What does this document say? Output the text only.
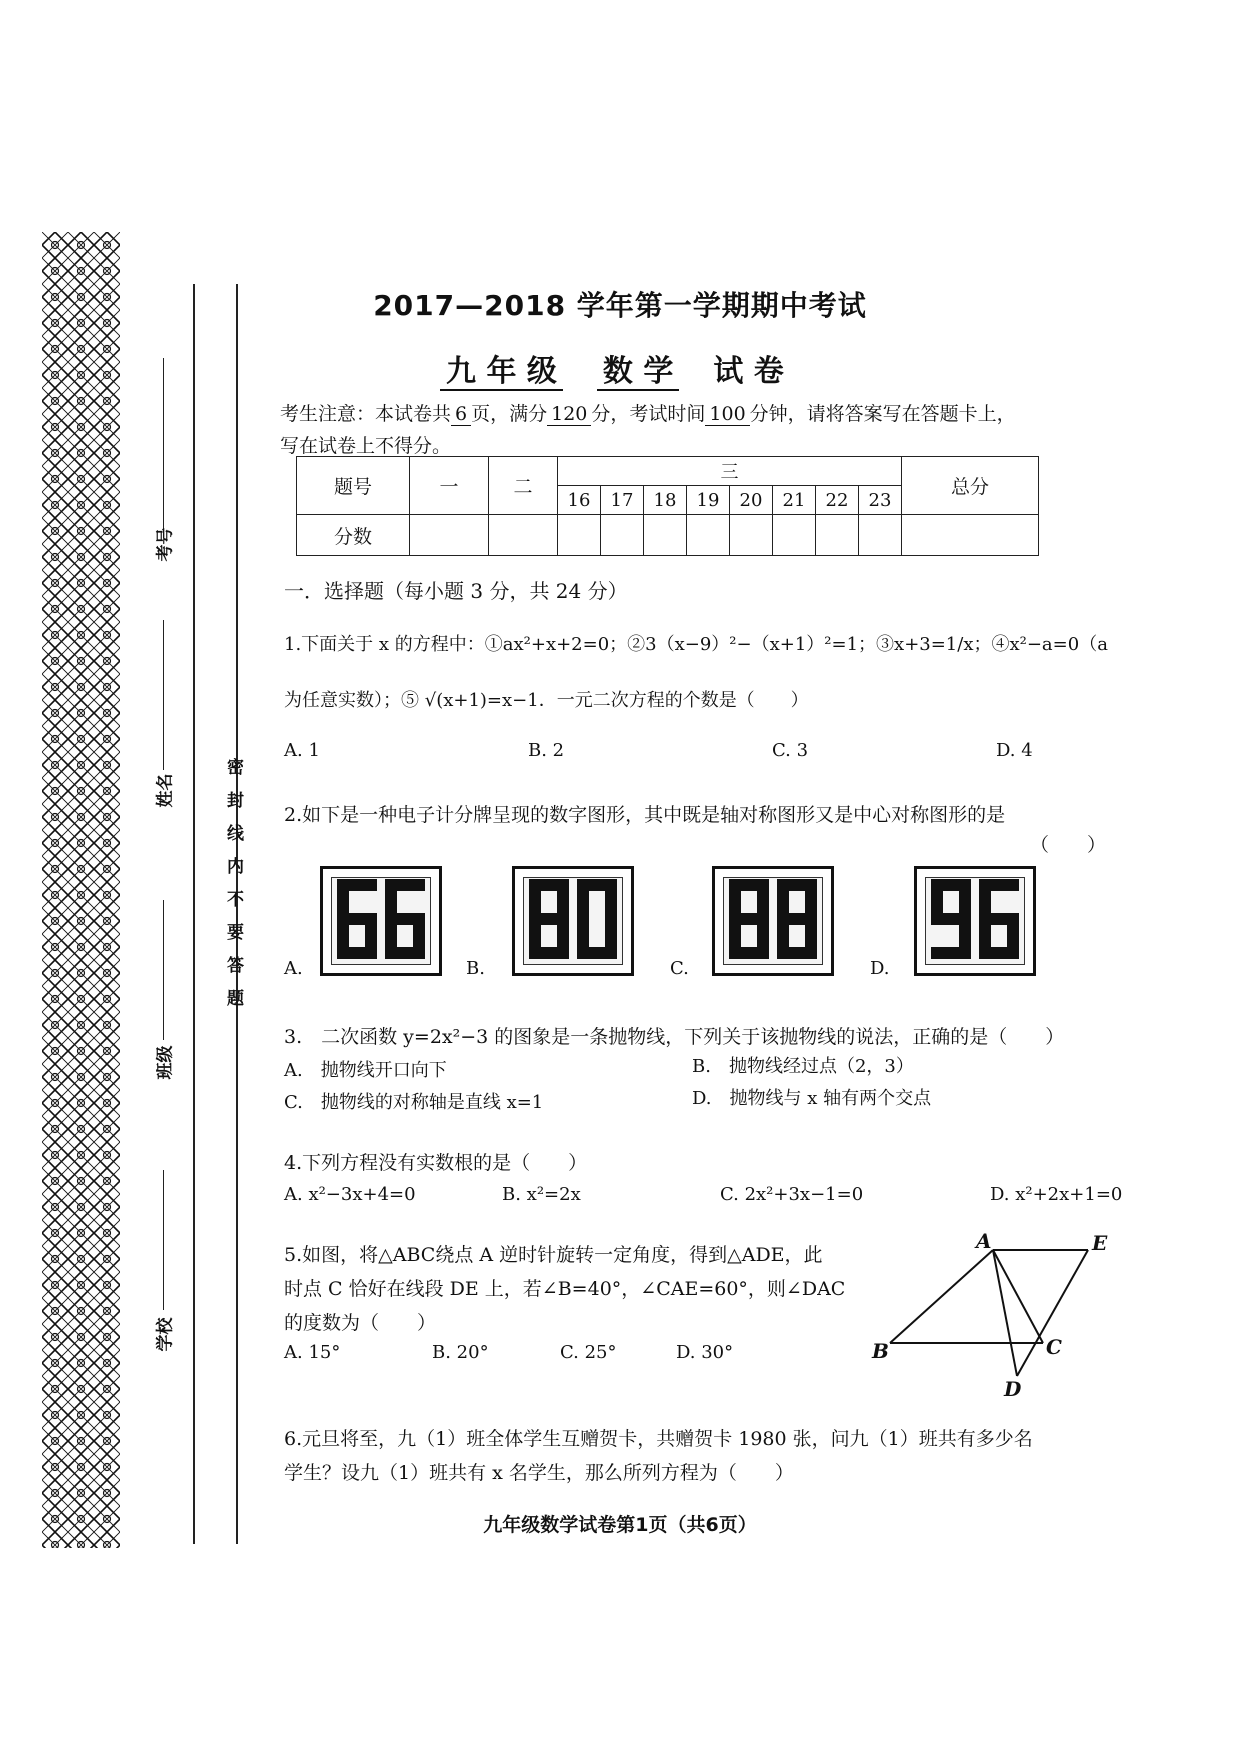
考号
姓名
班级
学校
密封线内不要答题
2017—2018 学年第一学期期中考试
九 年 级 数 学 试 卷
考生注意：本试卷共 6 页，满分 120 分，考试时间 100 分钟，请将答案写在答题卡上，
写在试卷上不得分。
题号	一	二	三								总分
			16	17	18	19	20	21	22	23	
分数											
一．选择题（每小题 3 分，共 24 分）
1.下面关于 x 的方程中：①ax²+x+2=0；②3（x−9）²−（x+1）²=1；③x+3=1/x；④x²−a=0（a
为任意实数）；⑤ √(x+1)=x−1．一元二次方程的个数是（　　）
A. 1	B. 2	C. 3	D. 4
2.如下是一种电子计分牌呈现的数字图形，其中既是轴对称图形又是中心对称图形的是
（　　）
A.	B.	C.	D.
3.　二次函数 y=2x²−3 的图象是一条抛物线，下列关于该抛物线的说法，正确的是（　　）
A.　抛物线开口向下	B.　抛物线经过点（2，3）
C.　抛物线的对称轴是直线 x=1	D.　抛物线与 x 轴有两个交点
4.下列方程没有实数根的是（　　）
A. x²−3x+4=0	B. x²=2x	C. 2x²+3x−1=0	D. x²+2x+1=0
5.如图，将△ABC绕点 A 逆时针旋转一定角度，得到△ADE，此
时点 C 恰好在线段 DE 上，若∠B=40°，∠CAE=60°，则∠DAC
的度数为（　　）
A. 15°	B. 20°	C. 25°	D. 30°
A	E
B	C
D
6.元旦将至，九（1）班全体学生互赠贺卡，共赠贺卡 1980 张，问九（1）班共有多少名
学生？设九（1）班共有 x 名学生，那么所列方程为（　　）
九年级数学试卷第1页（共6页）
